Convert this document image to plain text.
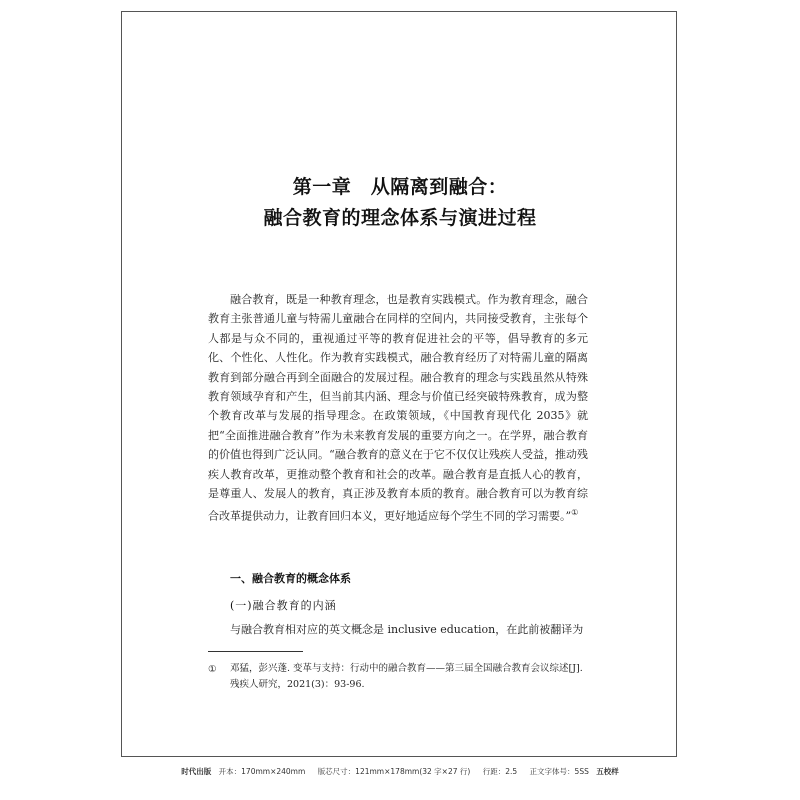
第一章　从隔离到融合：
融合教育的理念体系与演进过程

融合教育，既是一种教育理念，也是教育实践模式。作为教育理念，融合教育主张普通儿童与特需儿童融合在同样的空间内，共同接受教育，主张每个人都是与众不同的，重视通过平等的教育促进社会的平等，倡导教育的多元化、个性化、人性化。作为教育实践模式，融合教育经历了对特需儿童的隔离教育到部分融合再到全面融合的发展过程。融合教育的理念与实践虽然从特殊教育领域孕育和产生，但当前其内涵、理念与价值已经突破特殊教育，成为整个教育改革与发展的指导理念。在政策领域，《中国教育现代化 2035》就把“全面推进融合教育”作为未来教育发展的重要方向之一。在学界，融合教育的价值也得到广泛认同。“融合教育的意义在于它不仅仅让残疾人受益，推动残疾人教育改革，更推动整个教育和社会的改革。融合教育是直抵人心的教育，是尊重人、发展人的教育，真正涉及教育本质的教育。融合教育可以为教育综合改革提供动力，让教育回归本义，更好地适应每个学生不同的学习需要。”①

一、融合教育的概念体系
(一)融合教育的内涵

与融合教育相对应的英文概念是 inclusive education，在此前被翻译为

① 邓猛，彭兴蓬. 变革与支持：行动中的融合教育——第三届全国融合教育会议综述[J]. 残疾人研究，2021(3)：93-96.

时代出版 开本：170mm×240mm 版芯尺寸：121mm×178mm(32 字×27 行) 行距：2.5 正文字体号：5SS 五校样
